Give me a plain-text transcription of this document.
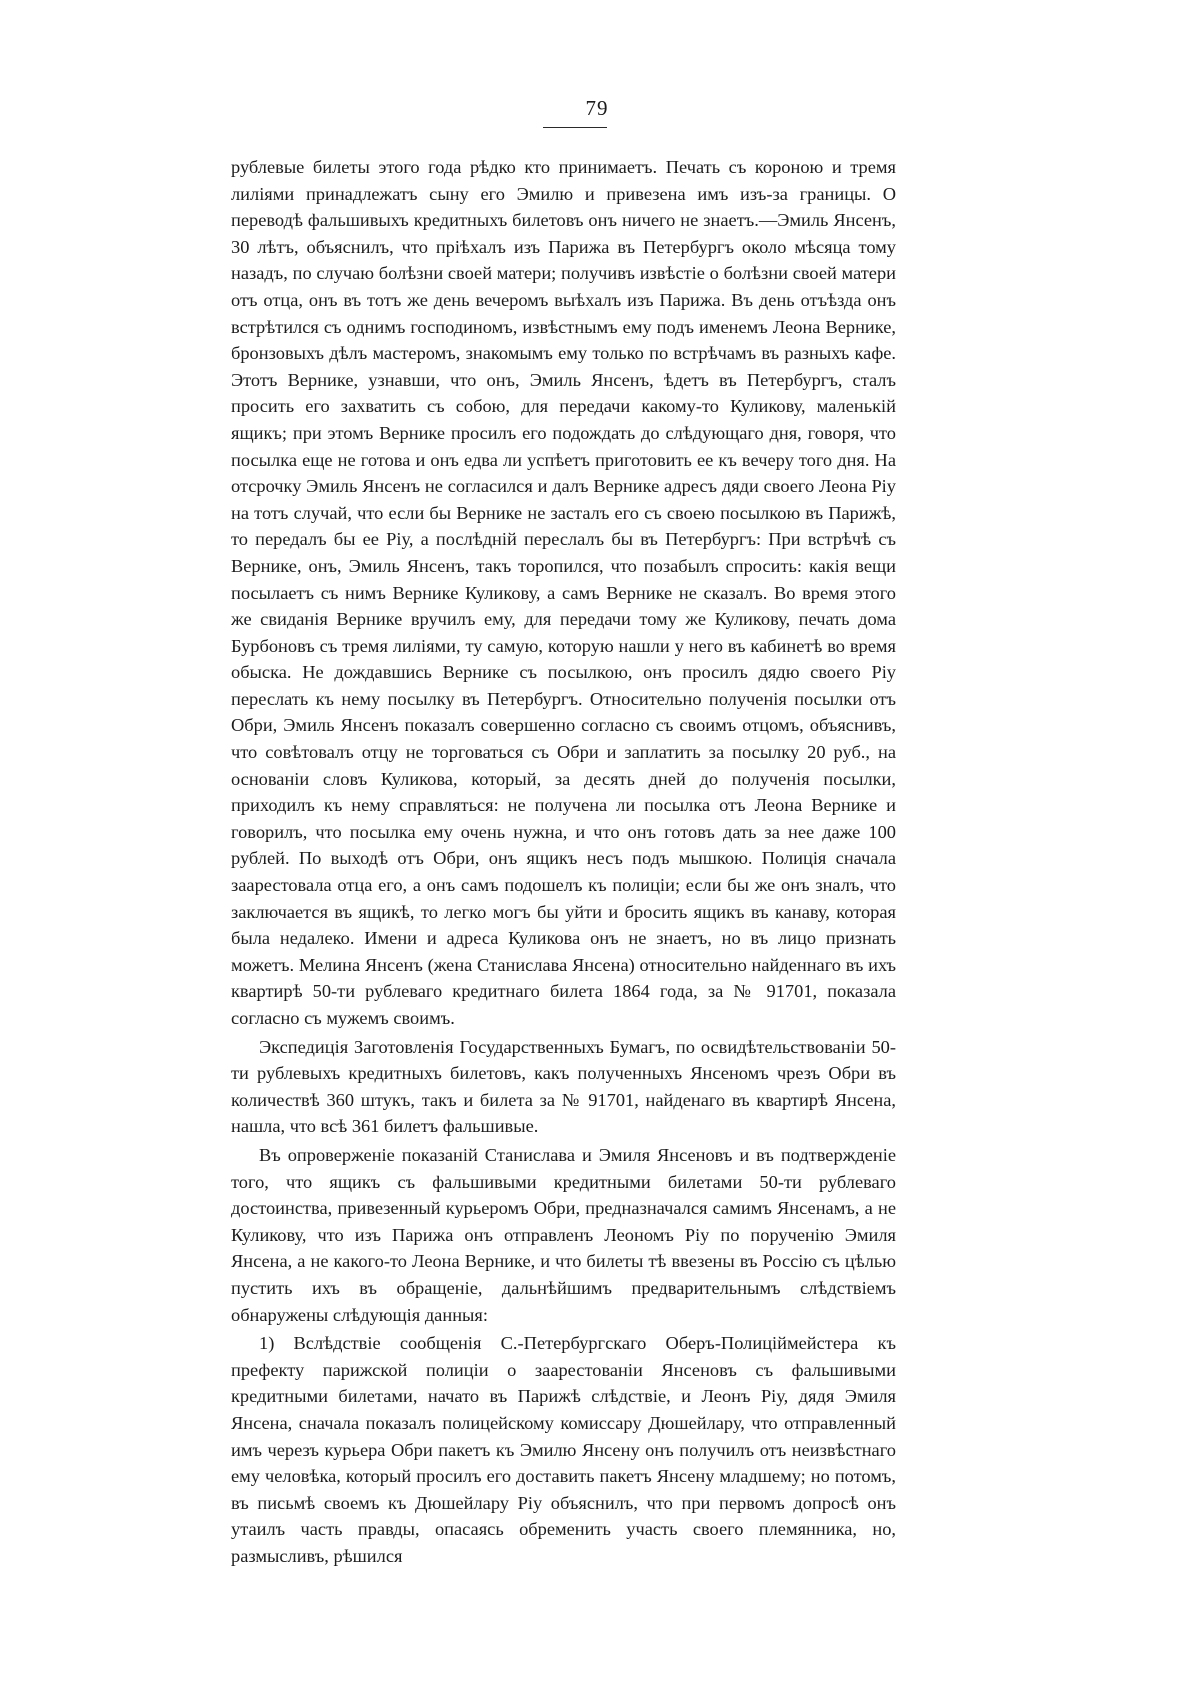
79

рублевые билеты этого года рѣдко кто принимаетъ. Печать съ короною и тремя лиліями принадлежатъ сыну его Эмилю и привезена имъ изъ-за границы. О переводѣ фальшивыхъ кредитныхъ билетовъ онъ ничего не знаетъ.—Эмиль Янсенъ, 30 лѣтъ, объяснилъ, что пріѣхалъ изъ Парижа въ Петербургъ около мѣсяца тому назадъ, по случаю болѣзни своей матери; получивъ извѣстіе о болѣзни своей матери отъ отца, онъ въ тотъ же день вечеромъ выѣхалъ изъ Парижа. Въ день отъѣзда онъ встрѣтился съ однимъ господиномъ, извѣстнымъ ему подъ именемъ Леона Вернике, бронзовыхъ дѣлъ мастеромъ, знакомымъ ему только по встрѣчамъ въ разныхъ кафе. Этотъ Вернике, узнавши, что онъ, Эмиль Янсенъ, ѣдетъ въ Петербургъ, сталъ просить его захватить съ собою, для передачи какому-то Куликову, маленькій ящикъ; при этомъ Вернике просилъ его подождать до слѣдующаго дня, говоря, что посылка еще не готова и онъ едва ли успѣетъ приготовить ее къ вечеру того дня. На отсрочку Эмиль Янсенъ не согласился и далъ Вернике адресъ дяди своего Леона Ріу на тотъ случай, что если бы Вернике не засталъ его съ своею посылкою въ Парижѣ, то передалъ бы ее Ріу, а послѣдній переслалъ бы въ Петербургъ: При встрѣчѣ съ Вернике, онъ, Эмиль Янсенъ, такъ торопился, что позабылъ спросить: какія вещи посылаетъ съ нимъ Вернике Куликову, а самъ Вернике не сказалъ. Во время этого же свиданія Вернике вручилъ ему, для передачи тому же Куликову, печать дома Бурбоновъ съ тремя лиліями, ту самую, которую нашли у него въ кабинетѣ во время обыска. Не дождавшись Вернике съ посылкою, онъ просилъ дядю своего Ріу переслать къ нему посылку въ Петербургъ. Относительно полученія посылки отъ Обри, Эмиль Янсенъ показалъ совершенно согласно съ своимъ отцомъ, объяснивъ, что совѣтовалъ отцу не торговаться съ Обри и заплатить за посылку 20 руб., на основаніи словъ Куликова, который, за десять дней до полученія посылки, приходилъ къ нему справляться: не получена ли посылка отъ Леона Вернике и говорилъ, что посылка ему очень нужна, и что онъ готовъ дать за нее даже 100 рублей. По выходѣ отъ Обри, онъ ящикъ несъ подъ мышкою. Полиція сначала заарестовала отца его, а онъ самъ подошелъ къ полиціи; если бы же онъ зналъ, что заключается въ ящикѣ, то легко могъ бы уйти и бросить ящикъ въ канаву, которая была недалеко. Имени и адреса Куликова онъ не знаетъ, но въ лицо признать можетъ. Мелина Янсенъ (жена Станислава Янсена) относительно найденнаго въ ихъ квартирѣ 50-ти рублеваго кредитнаго билета 1864 года, за № 91701, показала согласно съ мужемъ своимъ.

Экспедиція Заготовленія Государственныхъ Бумагъ, по освидѣтельствованіи 50-ти рублевыхъ кредитныхъ билетовъ, какъ полученныхъ Янсеномъ чрезъ Обри въ количествѣ 360 штукъ, такъ и билета за № 91701, найденаго въ квартирѣ Янсена, нашла, что всѣ 361 билетъ фальшивые.

Въ опроверженіе показаній Станислава и Эмиля Янсеновъ и въ подтвержденіе того, что ящикъ съ фальшивыми кредитными билетами 50-ти рублеваго достоинства, привезенный курьеромъ Обри, предназначался самимъ Янсенамъ, а не Куликову, что изъ Парижа онъ отправленъ Леономъ Ріу по порученію Эмиля Янсена, а не какого-то Леона Вернике, и что билеты тѣ ввезены въ Россію съ цѣлью пустить ихъ въ обращеніе, дальнѣйшимъ предварительнымъ слѣдствіемъ обнаружены слѣдующія данныя:

1) Вслѣдствіе сообщенія С.-Петербургскаго Оберъ-Полиціймейстера къ префекту парижской полиціи о заарестованіи Янсеновъ съ фальшивыми кредитными билетами, начато въ Парижѣ слѣдствіе, и Леонъ Ріу, дядя Эмиля Янсена, сначала показалъ полицейскому комиссару Дюшейлару, что отправленный имъ черезъ курьера Обри пакетъ къ Эмилю Янсену онъ получилъ отъ неизвѣстнаго ему человѣка, который просилъ его доставить пакетъ Янсену младшему; но потомъ, въ письмѣ своемъ къ Дюшейлару Ріу объяснилъ, что при первомъ допросѣ онъ утаилъ часть правды, опасаясь обременить участь своего племянника, но, размысливъ, рѣшился
